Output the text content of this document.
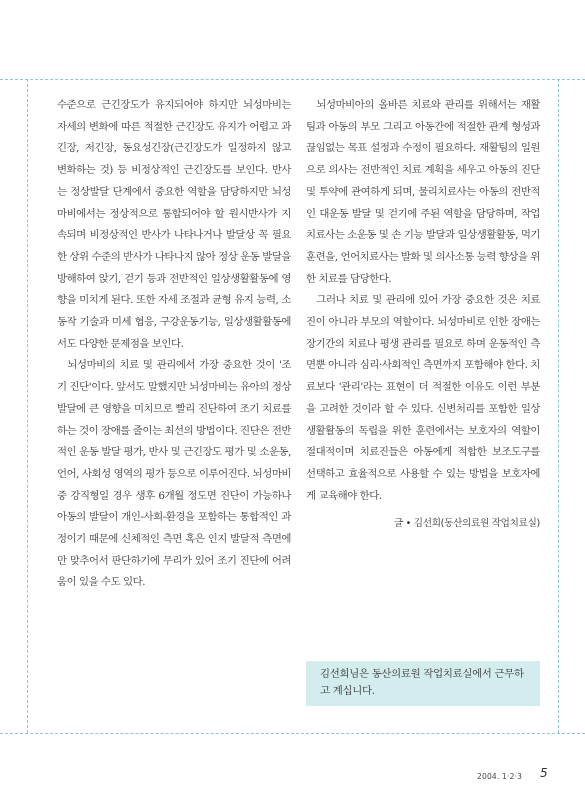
수준으로 근긴장도가 유지되어야 하지만 뇌성마비는 자세의 변화에 따른 적절한 근긴장도 유지가 어렵고 과긴장, 저긴장, 동요성긴장(근긴장도가 일정하지 않고 변화하는 것) 등 비정상적인 근긴장도를 보인다. 반사는 정상발달 단계에서 중요한 역할을 담당하지만 뇌성마비에서는 정상적으로 통합되어야 할 원시반사가 지속되며 비정상적인 반사가 나타나거나 발달상 꼭 필요한 상위 수준의 반사가 나타나지 않아 정상 운동 발달을 방해하여 앉기, 걷기 등과 전반적인 일상생활활동에 영향을 미치게 된다. 또한 자세 조절과 균형 유지 능력, 소동작 기술과 미세 협응, 구강운동기능, 일상생활활동에서도 다양한 문제점을 보인다.

뇌성마비의 치료 및 관리에서 가장 중요한 것이 '조기 진단'이다. 앞서도 말했지만 뇌성마비는 유아의 정상 발달에 큰 영향을 미치므로 빨리 진단하여 조기 치료를 하는 것이 장애를 줄이는 최선의 방법이다. 진단은 전반적인 운동 발달 평가, 반사 및 근긴장도 평가 및 소운동, 언어, 사회성 영역의 평가 등으로 이루어진다. 뇌성마비 중 강직형일 경우 생후 6개월 정도면 진단이 가능하나 아동의 발달이 개인-사회-환경을 포함하는 통합적인 과정이기 때문에 신체적인 측면 혹은 인지 발달적 측면에만 맞추어서 판단하기에 무리가 있어 조기 진단에 어려움이 있을 수도 있다.

뇌성마비아의 올바른 치료와 관리를 위해서는 재활팀과 아동의 부모 그리고 아동간에 적절한 관계 형성과 끊임없는 목표 설정과 수정이 필요하다. 재활팀의 일원으로 의사는 전반적인 치료 계획을 세우고 아동의 진단 및 투약에 관여하게 되며, 물리치료사는 아동의 전반적인 대운동 발달 및 걷기에 주된 역할을 담당하며, 작업치료사는 소운동 및 손 기능 발달과 일상생활활동, 먹기 훈련을, 언어치료사는 발화 및 의사소통 능력 향상을 위한 치료를 담당한다.

그러나 치료 및 관리에 있어 가장 중요한 것은 치료진이 아니라 부모의 역할이다. 뇌성마비로 인한 장애는 장기간의 치료나 평생 관리를 필요로 하며 운동적인 측면뿐 아니라 심리·사회적인 측면까지 포함해야 한다. 치료보다 '관리'라는 표현이 더 적절한 이유도 이런 부분을 고려한 것이라 할 수 있다. 신변처리를 포함한 일상생활활동의 독립을 위한 훈련에서는 보호자의 역할이 절대적이며 치료진들은 아동에게 적합한 보조도구를 선택하고 효율적으로 사용할 수 있는 방법을 보호자에게 교육해야 한다.

글 • 김선희(동산의료원 작업치료실)
김선희님은 동산의료원 작업치료실에서 근무하고 계십니다.
2004. 1·2·3 5
